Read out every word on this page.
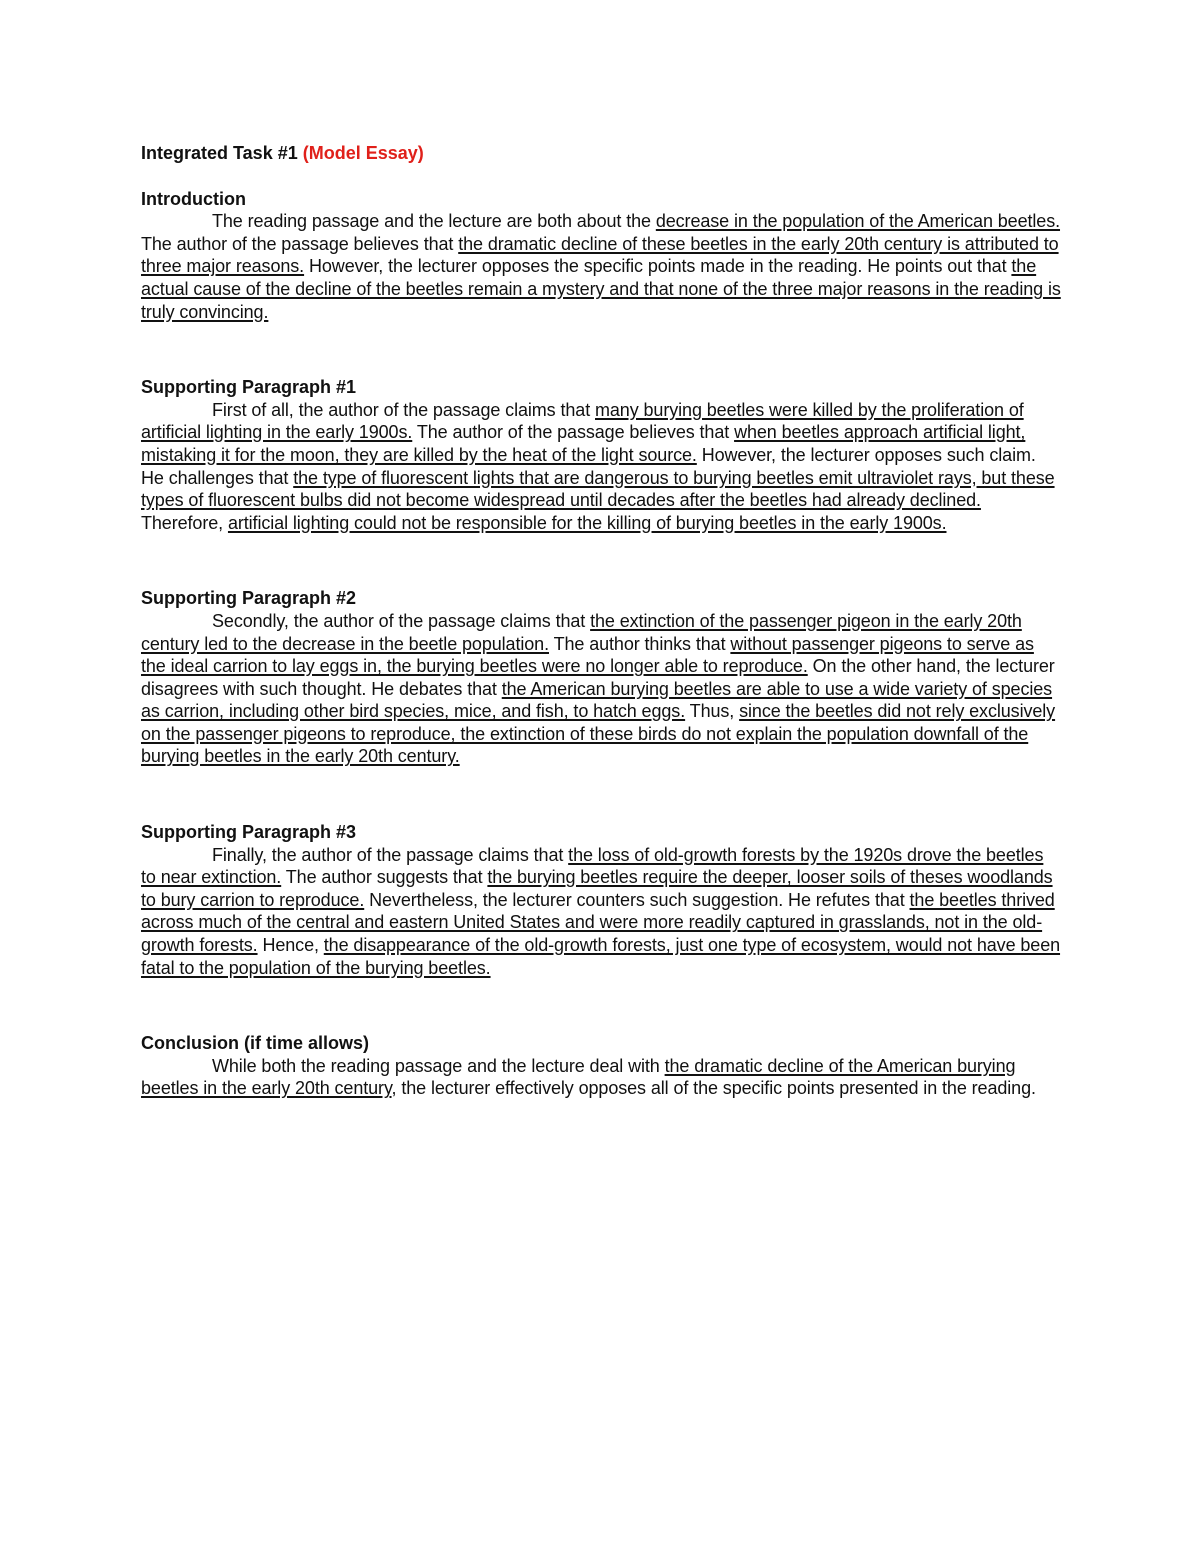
Integrated Task #1 (Model Essay)

Introduction

The reading passage and the lecture are both about the decrease in the population of the American beetles. The author of the passage believes that the dramatic decline of these beetles in the early 20th century is attributed to three major reasons. However, the lecturer opposes the specific points made in the reading. He points out that the actual cause of the decline of the beetles remain a mystery and that none of the three major reasons in the reading is truly convincing.

Supporting Paragraph #1

First of all, the author of the passage claims that many burying beetles were killed by the proliferation of artificial lighting in the early 1900s. The author of the passage believes that when beetles approach artificial light, mistaking it for the moon, they are killed by the heat of the light source. However, the lecturer opposes such claim. He challenges that the type of fluorescent lights that are dangerous to burying beetles emit ultraviolet rays, but these types of fluorescent bulbs did not become widespread until decades after the beetles had already declined. Therefore, artificial lighting could not be responsible for the killing of burying beetles in the early 1900s.

Supporting Paragraph #2

Secondly, the author of the passage claims that the extinction of the passenger pigeon in the early 20th century led to the decrease in the beetle population. The author thinks that without passenger pigeons to serve as the ideal carrion to lay eggs in, the burying beetles were no longer able to reproduce. On the other hand, the lecturer disagrees with such thought. He debates that the American burying beetles are able to use a wide variety of species as carrion, including other bird species, mice, and fish, to hatch eggs. Thus, since the beetles did not rely exclusively on the passenger pigeons to reproduce, the extinction of these birds do not explain the population downfall of the burying beetles in the early 20th century.

Supporting Paragraph #3

Finally, the author of the passage claims that the loss of old-growth forests by the 1920s drove the beetles to near extinction. The author suggests that the burying beetles require the deeper, looser soils of theses woodlands to bury carrion to reproduce. Nevertheless, the lecturer counters such suggestion. He refutes that the beetles thrived across much of the central and eastern United States and were more readily captured in grasslands, not in the old-growth forests. Hence, the disappearance of the old-growth forests, just one type of ecosystem, would not have been fatal to the population of the burying beetles.

Conclusion (if time allows)

While both the reading passage and the lecture deal with the dramatic decline of the American burying beetles in the early 20th century, the lecturer effectively opposes all of the specific points presented in the reading.
